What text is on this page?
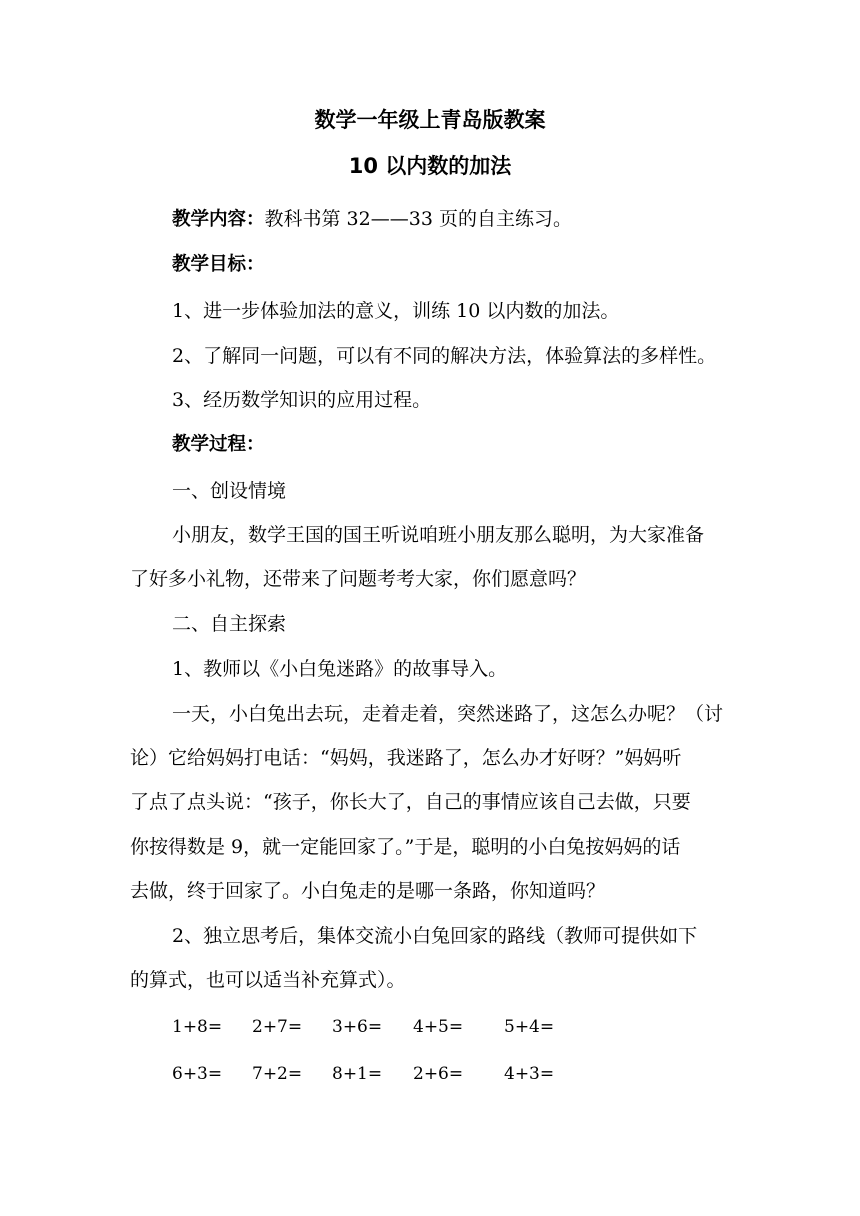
数学一年级上青岛版教案
10 以内数的加法
教学内容：教科书第 32——33 页的自主练习。
教学目标：
1、进一步体验加法的意义，训练 10 以内数的加法。
2、了解同一问题，可以有不同的解决方法，体验算法的多样性。
3、经历数学知识的应用过程。
教学过程：
一、创设情境
小朋友，数学王国的国王听说咱班小朋友那么聪明，为大家准备
了好多小礼物，还带来了问题考考大家，你们愿意吗？
二、自主探索
1、教师以《小白兔迷路》的故事导入。
一天，小白兔出去玩，走着走着，突然迷路了，这怎么办呢？（讨
论）它给妈妈打电话：“妈妈，我迷路了，怎么办才好呀？”妈妈听
了点了点头说：“孩子，你长大了，自己的事情应该自己去做，只要
你按得数是 9，就一定能回家了。”于是，聪明的小白兔按妈妈的话
去做，终于回家了。小白兔走的是哪一条路，你知道吗？
2、独立思考后，集体交流小白兔回家的路线（教师可提供如下
的算式，也可以适当补充算式）。
1+8= 2+7= 3+6= 4+5= 5+4=
6+3= 7+2= 8+1= 2+6= 4+3=
